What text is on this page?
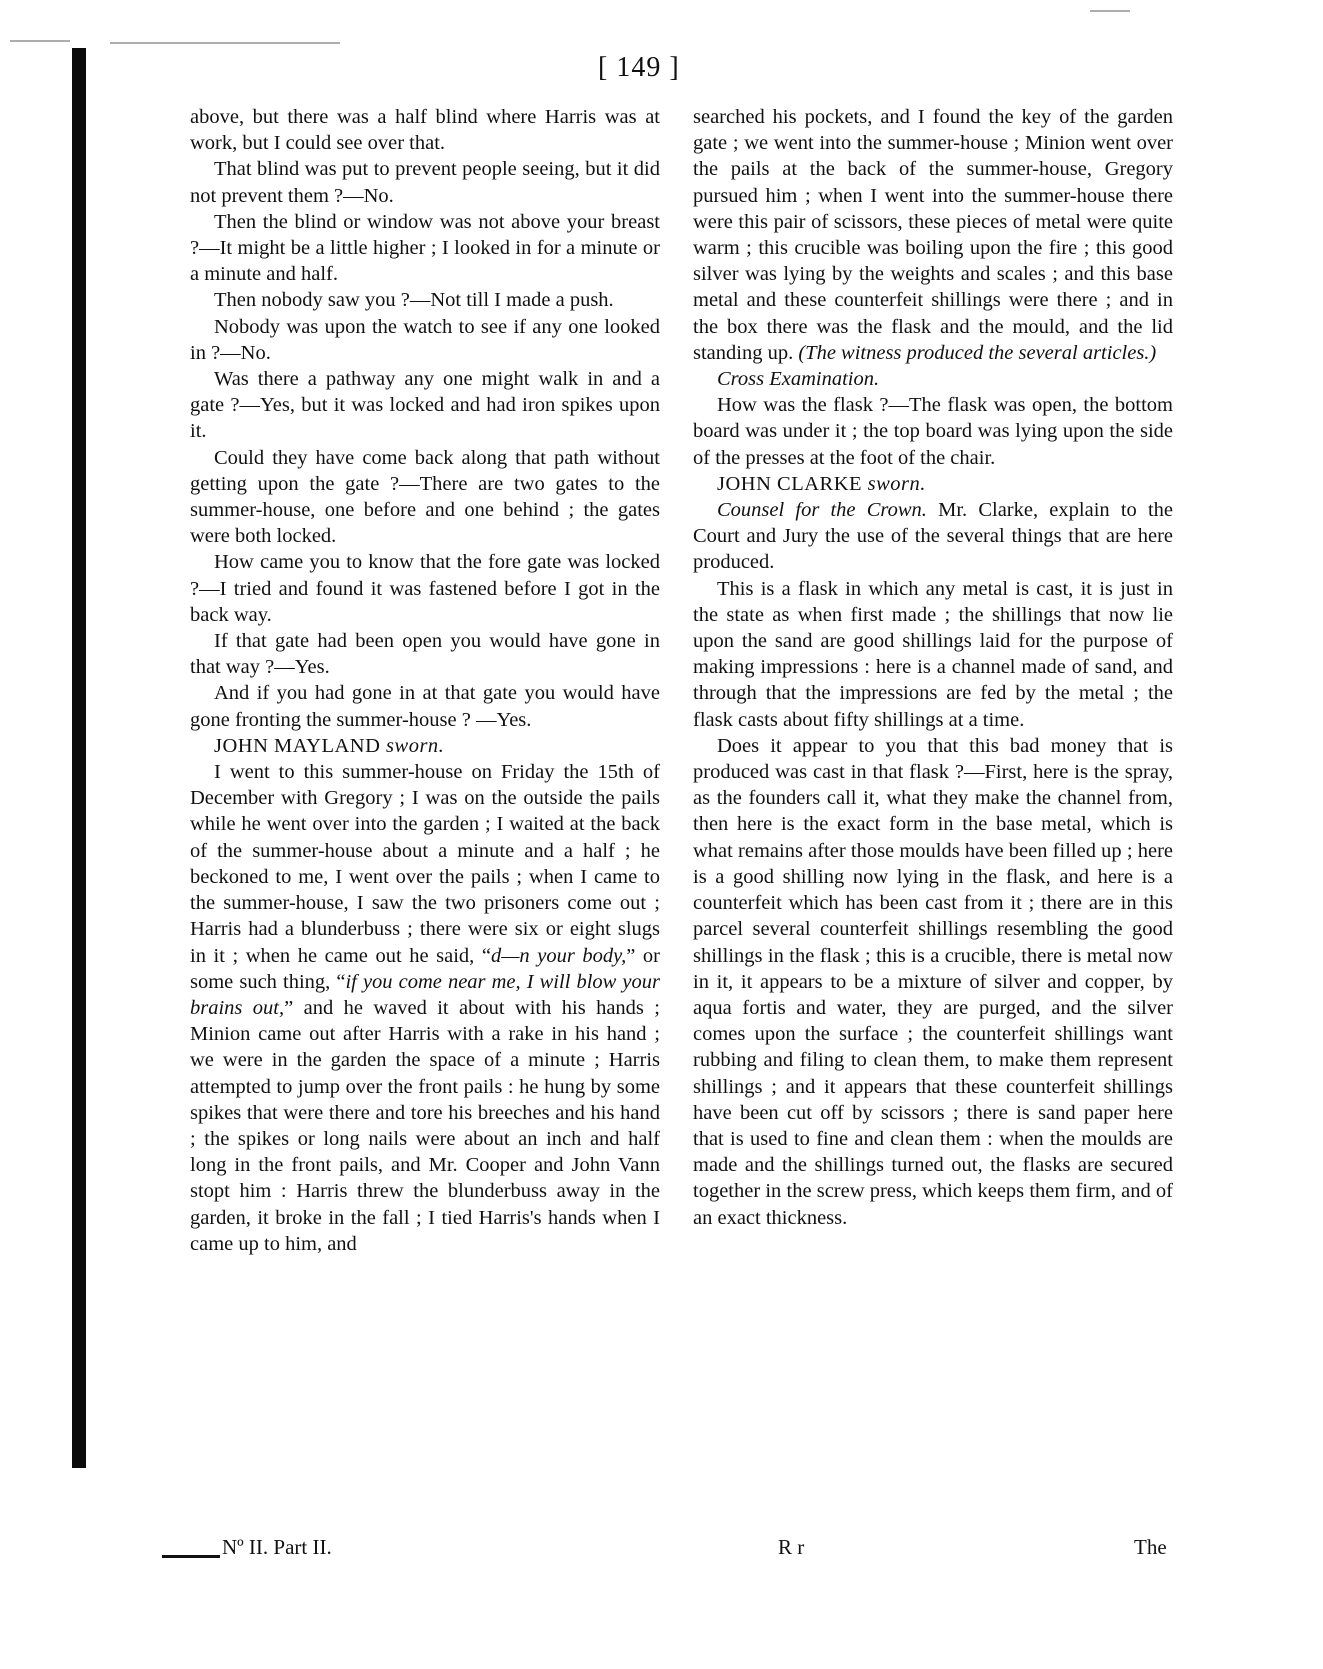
[ 149 ]

above, but there was a half blind where Harris was at work, but I could see over that.

That blind was put to prevent people seeing, but it did not prevent them ?—No.

Then the blind or window was not above your breast ?—It might be a little higher ; I looked in for a minute or a minute and half.

Then nobody saw you ?—Not till I made a push.

Nobody was upon the watch to see if any one looked in ?—No.

Was there a pathway any one might walk in and a gate ?—Yes, but it was locked and had iron spikes upon it.

Could they have come back along that path without getting upon the gate ?—There are two gates to the summer-house, one before and one behind ; the gates were both locked.

How came you to know that the fore gate was locked ?—I tried and found it was fastened before I got in the back way.

If that gate had been open you would have gone in that way ?—Yes.

And if you had gone in at that gate you would have gone fronting the summer-house ? —Yes.

JOHN MAYLAND sworn.

I went to this summer-house on Friday the 15th of December with Gregory ; I was on the outside the pails while he went over into the garden ; I waited at the back of the summer-house about a minute and a half ; he beckoned to me, I went over the pails ; when I came to the summer-house, I saw the two prisoners come out ; Harris had a blunderbuss ; there were six or eight slugs in it ; when he came out he said, “d—n your body,” or some such thing, “if you come near me, I will blow your brains out,” and he waved it about with his hands ; Minion came out after Harris with a rake in his hand ; we were in the garden the space of a minute ; Harris attempted to jump over the front pails : he hung by some spikes that were there and tore his breeches and his hand ; the spikes or long nails were about an inch and half long in the front pails, and Mr. Cooper and John Vann stopt him : Harris threw the blunderbuss away in the garden, it broke in the fall ; I tied Harris's hands when I came up to him, and

searched his pockets, and I found the key of the garden gate ; we went into the summer-house ; Minion went over the pails at the back of the summer-house, Gregory pursued him ; when I went into the summer-house there were this pair of scissors, these pieces of metal were quite warm ; this crucible was boiling upon the fire ; this good silver was lying by the weights and scales ; and this base metal and these counterfeit shillings were there ; and in the box there was the flask and the mould, and the lid standing up. (The witness produced the several articles.)

Cross Examination.

How was the flask ?—The flask was open, the bottom board was under it ; the top board was lying upon the side of the presses at the foot of the chair.

JOHN CLARKE sworn.

Counsel for the Crown. Mr. Clarke, explain to the Court and Jury the use of the several things that are here produced.

This is a flask in which any metal is cast, it is just in the state as when first made ; the shillings that now lie upon the sand are good shillings laid for the purpose of making impressions : here is a channel made of sand, and through that the impressions are fed by the metal ; the flask casts about fifty shillings at a time.

Does it appear to you that this bad money that is produced was cast in that flask ?—First, here is the spray, as the founders call it, what they make the channel from, then here is the exact form in the base metal, which is what remains after those moulds have been filled up ; here is a good shilling now lying in the flask, and here is a counterfeit which has been cast from it ; there are in this parcel several counterfeit shillings resembling the good shillings in the flask ; this is a crucible, there is metal now in it, it appears to be a mixture of silver and copper, by aqua fortis and water, they are purged, and the silver comes upon the surface ; the counterfeit shillings want rubbing and filing to clean them, to make them represent shillings ; and it appears that these counterfeit shillings have been cut off by scissors ; there is sand paper here that is used to fine and clean them : when the moulds are made and the shillings turned out, the flasks are secured together in the screw press, which keeps them firm, and of an exact thickness.

Nº II. Part II.	R r	The
